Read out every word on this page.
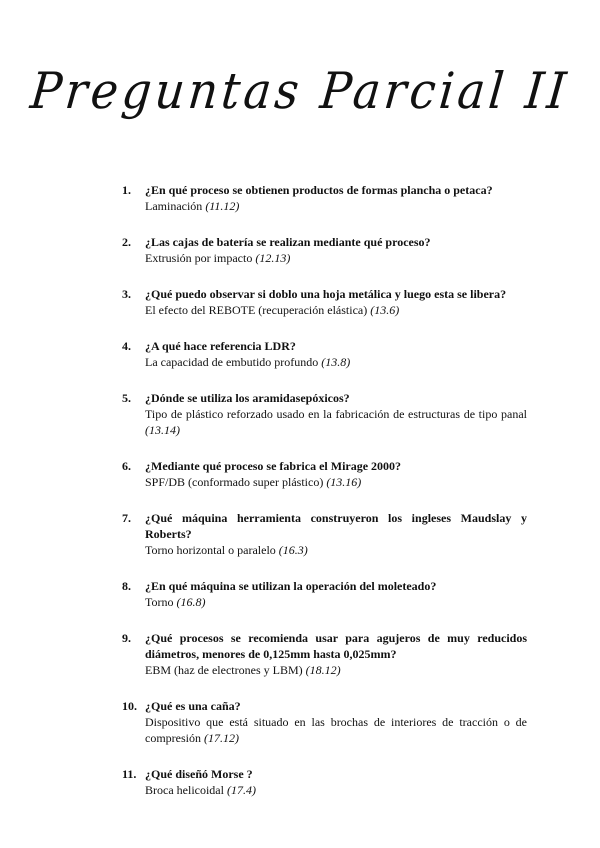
Preguntas Parcial II
1. ¿En qué proceso se obtienen productos de formas plancha o petaca?
Laminación (11.12)
2. ¿Las cajas de batería se realizan mediante qué proceso?
Extrusión por impacto (12.13)
3. ¿Qué puedo observar si doblo una hoja metálica y luego esta se libera?
El efecto del REBOTE (recuperación elástica) (13.6)
4. ¿A qué hace referencia LDR?
La capacidad de embutido profundo (13.8)
5. ¿Dónde se utiliza los aramidasepóxicos?
Tipo de plástico reforzado usado en la fabricación de estructuras de tipo panal (13.14)
6. ¿Mediante qué proceso se fabrica el Mirage 2000?
SPF/DB (conformado super plástico) (13.16)
7. ¿Qué máquina herramienta construyeron los ingleses Maudslay y Roberts?
Torno horizontal o paralelo (16.3)
8. ¿En qué máquina se utilizan la operación del moleteado?
Torno (16.8)
9. ¿Qué procesos se recomienda usar para agujeros de muy reducidos diámetros, menores de 0,125mm hasta 0,025mm?
EBM (haz de electrones y LBM) (18.12)
10. ¿Qué es una caña?
Dispositivo que está situado en las brochas de interiores de tracción o de compresión (17.12)
11. ¿Qué diseñó Morse ?
Broca helicoidal (17.4)
